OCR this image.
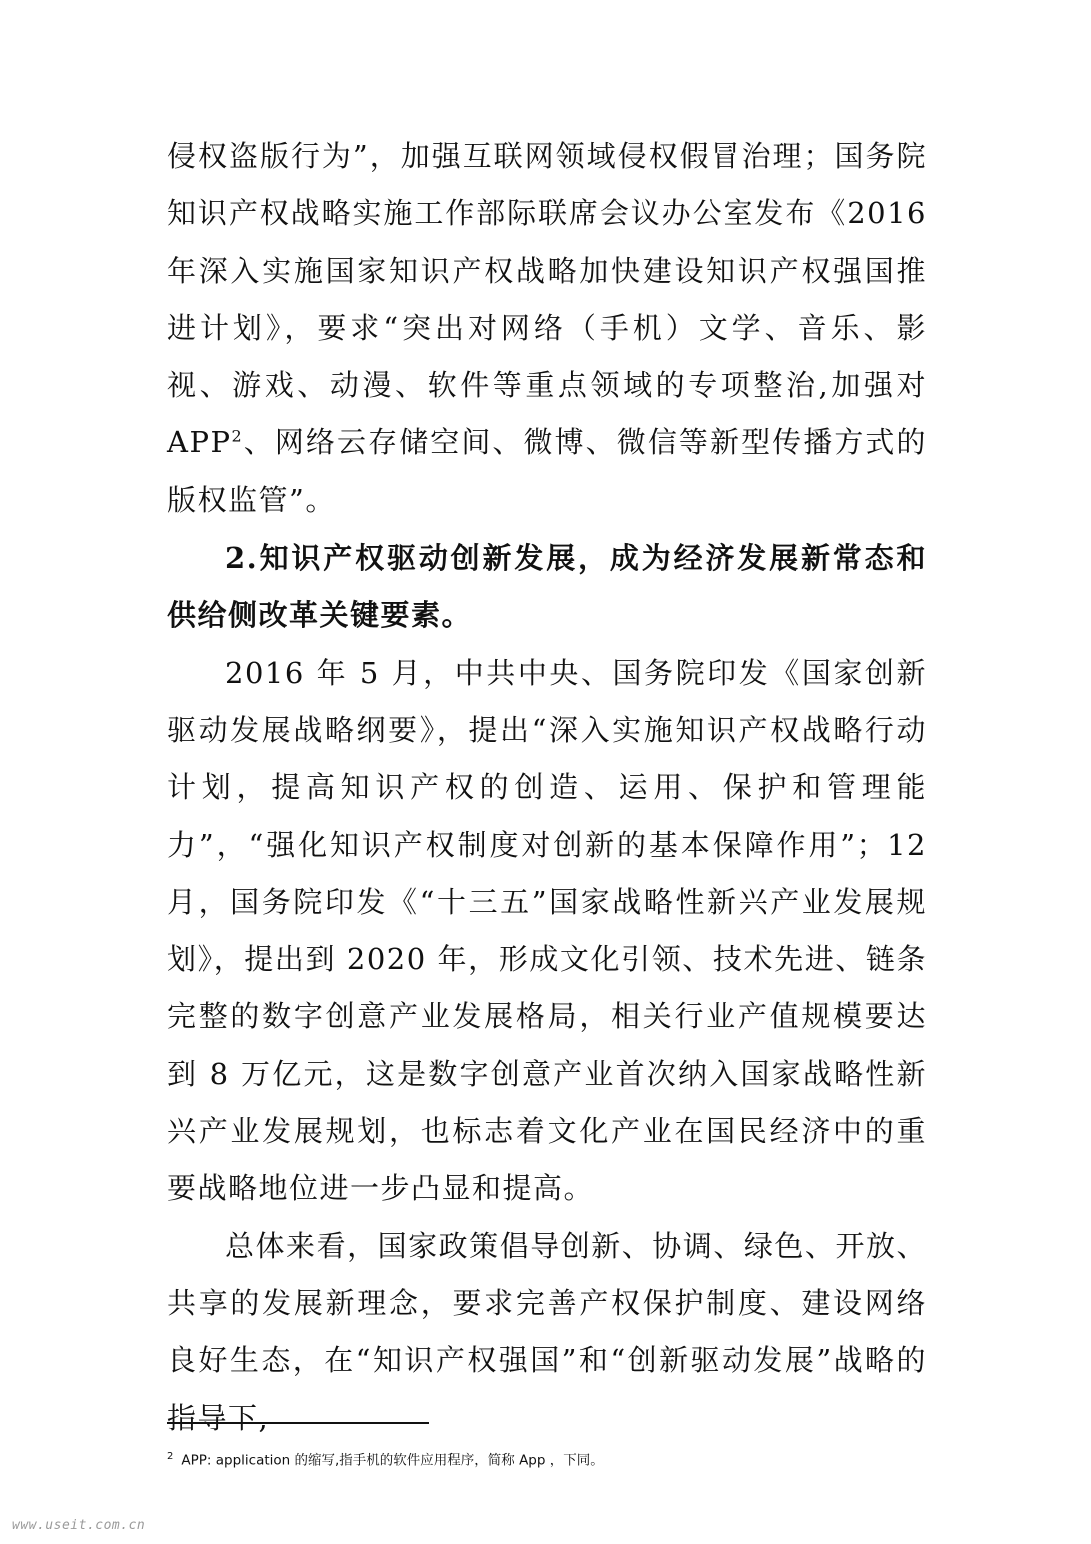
侵权盗版行为”，加强互联网领域侵权假冒治理；国务院知识产权战略实施工作部际联席会议办公室发布《2016 年深入实施国家知识产权战略加快建设知识产权强国推进计划》，要求“突出对网络（手机）文学、音乐、影视、游戏、动漫、软件等重点领域的专项整治,加强对 APP$^2$、网络云存储空间、微博、微信等新型传播方式的版权监管”。

2.知识产权驱动创新发展，成为经济发展新常态和供给侧改革关键要素。

2016 年 5 月，中共中央、国务院印发《国家创新驱动发展战略纲要》，提出“深入实施知识产权战略行动计划，提高知识产权的创造、运用、保护和管理能力”，“强化知识产权制度对创新的基本保障作用”；12 月，国务院印发《“十三五”国家战略性新兴产业发展规划》，提出到 2020 年，形成文化引领、技术先进、链条完整的数字创意产业发展格局，相关行业产值规模要达到 8 万亿元，这是数字创意产业首次纳入国家战略性新兴产业发展规划，也标志着文化产业在国民经济中的重要战略地位进一步凸显和提高。

总体来看，国家政策倡导创新、协调、绿色、开放、共享的发展新理念，要求完善产权保护制度、建设网络良好生态，在“知识产权强国”和“创新驱动发展”战略的指导下,

$^2$ APP: application 的缩写,指手机的软件应用程序，简称 App ，下同。
www.useit.com.cn
